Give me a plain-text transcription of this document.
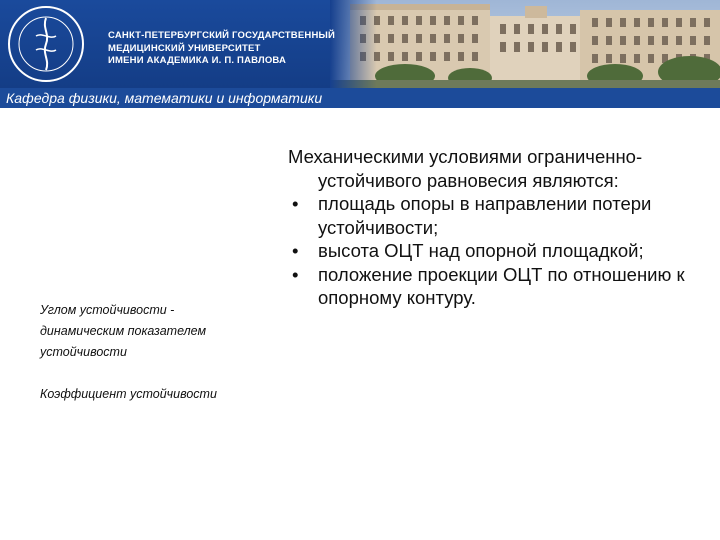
САНКТ-ПЕТЕРБУРГСКИЙ ГОСУДАРСТВЕННЫЙ
МЕДИЦИНСКИЙ УНИВЕРСИТЕТ
ИМЕНИ АКАДЕМИКА И. П. ПАВЛОВА
Кафедра физики, математики и информатики
Углом устойчивости -
динамическим показателем
устойчивости
Коэффициент устойчивости

Механическими условиями ограниченно-устойчивого равновесия являются:

• площадь опоры в направлении потери устойчивости;
• высота ОЦТ над опорной площадкой;
• положение проекции ОЦТ по отношению к опорному контуру.
